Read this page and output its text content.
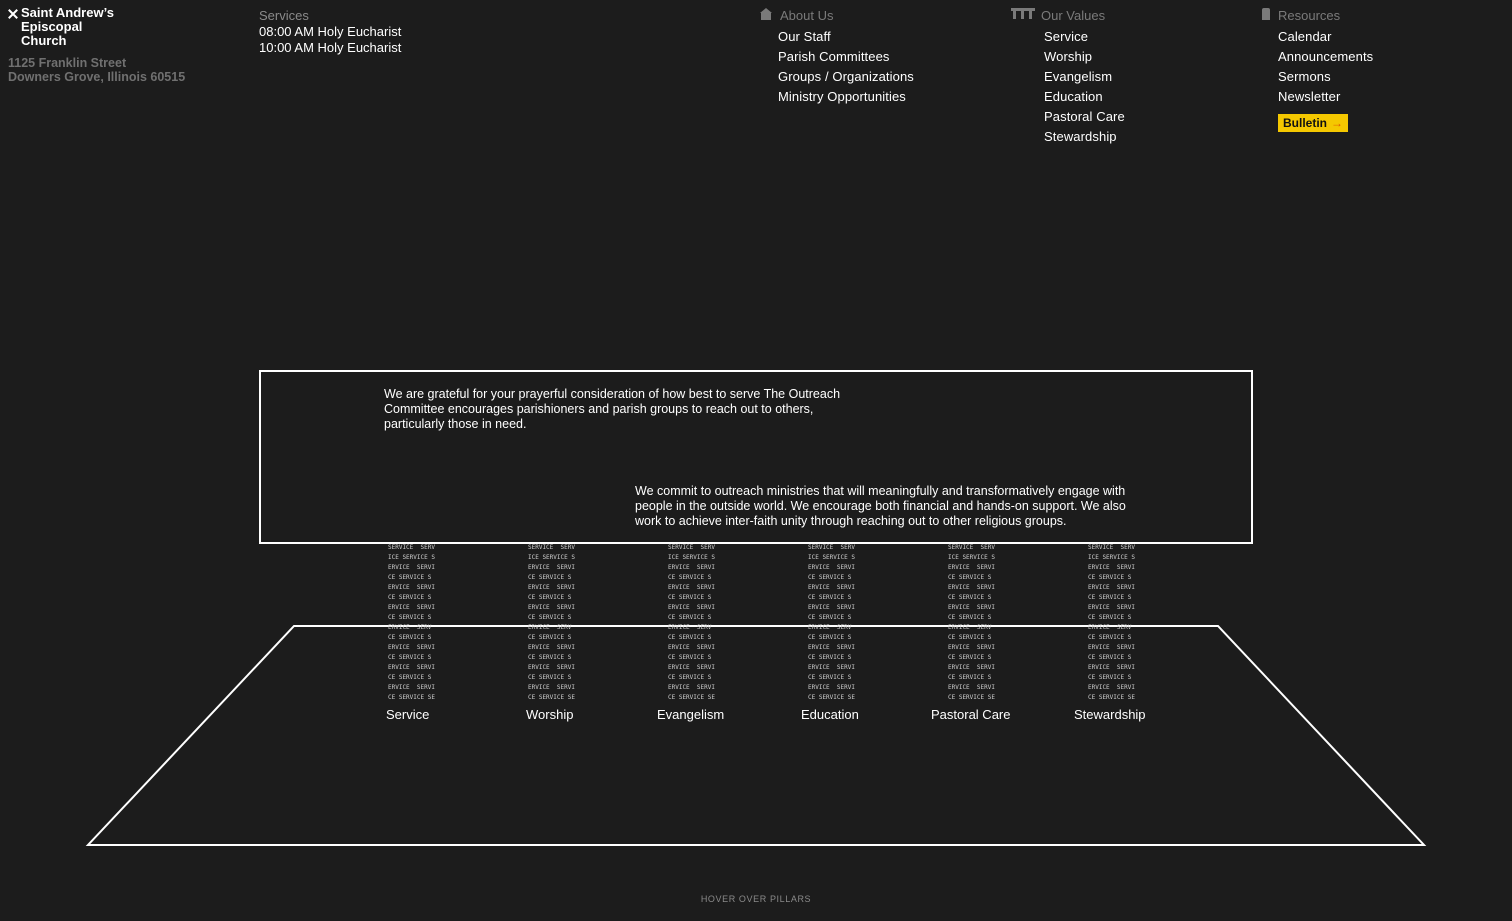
Saint Andrew’s
Episcopal Church
1125 Franklin Street
Downers Grove, Illinois 60515
Services
08:00 AM Holy Eucharist
10:00 AM Holy Eucharist
About Us
Our Staff
Parish Committees
Groups / Organizations
Ministry Opportunities
Our Values
Service
Worship
Evangelism
Education
Pastoral Care
Stewardship
Resources
Calendar
Announcements
Sermons
Newsletter
Bulletin →
We are grateful for your prayerful consideration of how best to serve The Outreach Committee encourages parishioners and parish groups to reach out to others, particularly those in need.
We commit to outreach ministries that will meaningfully and transformatively engage with people in the outside world. We encourage both financial and hands-on support. We also work to achieve inter-faith unity through reaching out to other religious groups.
SERVICE  SERV
ICE SERVICE S
ERVICE  SERVI
CE SERVICE S
ERVICE  SERVI
CE SERVICE S
ERVICE  SERVI
CE SERVICE S
ERVICE  SERV
CE SERVICE S
ERVICE  SERVI
CE SERVICE S
ERVICE  SERVI
CE SERVICE S
ERVICE  SERVI
CE SERVICE SE
Service
SERVICE  SERV
ICE SERVICE S
ERVICE  SERVI
CE SERVICE S
ERVICE  SERVI
CE SERVICE S
ERVICE  SERVI
CE SERVICE S
ERVICE  SERV
CE SERVICE S
ERVICE  SERVI
CE SERVICE S
ERVICE  SERVI
CE SERVICE S
ERVICE  SERVI
CE SERVICE SE
Worship
SERVICE  SERV
ICE SERVICE S
ERVICE  SERVI
CE SERVICE S
ERVICE  SERVI
CE SERVICE S
ERVICE  SERVI
CE SERVICE S
ERVICE  SERV
CE SERVICE S
ERVICE  SERVI
CE SERVICE S
ERVICE  SERVI
CE SERVICE S
ERVICE  SERVI
CE SERVICE SE
Evangelism
SERVICE  SERV
ICE SERVICE S
ERVICE  SERVI
CE SERVICE S
ERVICE  SERVI
CE SERVICE S
ERVICE  SERVI
CE SERVICE S
ERVICE  SERV
CE SERVICE S
ERVICE  SERVI
CE SERVICE S
ERVICE  SERVI
CE SERVICE S
ERVICE  SERVI
CE SERVICE SE
Education
SERVICE  SERV
ICE SERVICE S
ERVICE  SERVI
CE SERVICE S
ERVICE  SERVI
CE SERVICE S
ERVICE  SERVI
CE SERVICE S
ERVICE  SERV
CE SERVICE S
ERVICE  SERVI
CE SERVICE S
ERVICE  SERVI
CE SERVICE S
ERVICE  SERVI
CE SERVICE SE
Pastoral Care
SERVICE  SERV
ICE SERVICE S
ERVICE  SERVI
CE SERVICE S
ERVICE  SERVI
CE SERVICE S
ERVICE  SERVI
CE SERVICE S
ERVICE  SERV
CE SERVICE S
ERVICE  SERVI
CE SERVICE S
ERVICE  SERVI
CE SERVICE S
ERVICE  SERVI
CE SERVICE SE
Stewardship
HOVER OVER PILLARS
